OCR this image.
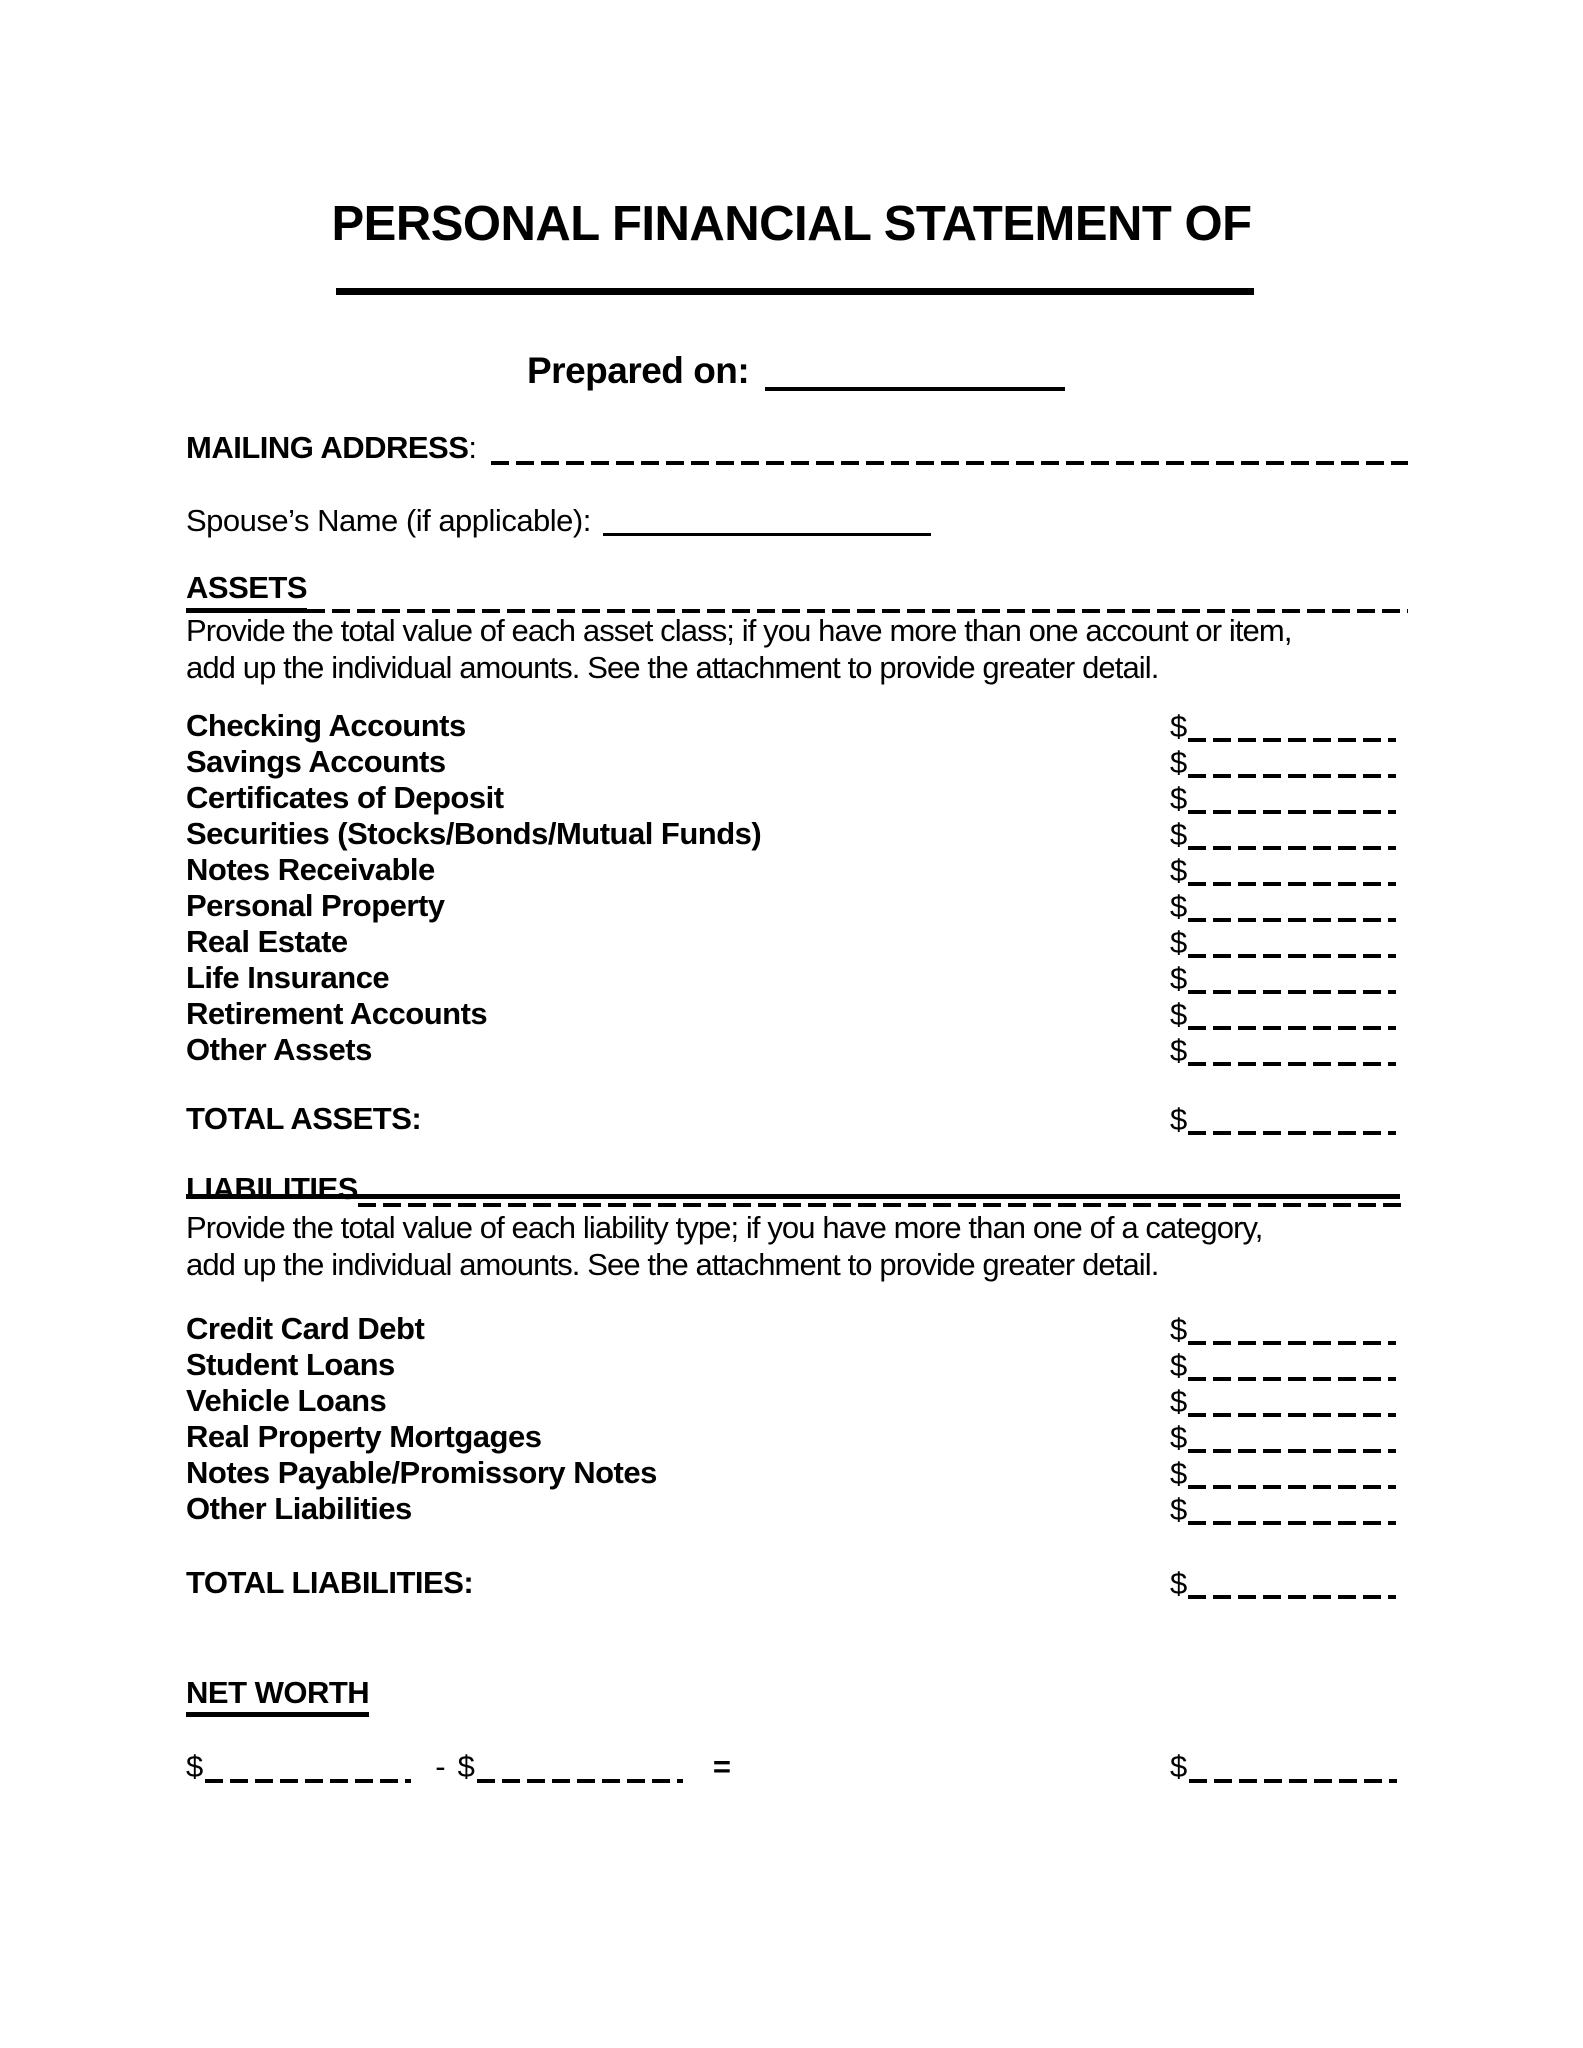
PERSONAL FINANCIAL STATEMENT OF
Prepared on:
MAILING ADDRESS :
Spouse’s Name (if applicable):
ASSETS
Provide the total value of each asset class; if you have more than one account or item,
add up the individual amounts. See the attachment to provide greater detail.
Checking Accounts	$
Savings Accounts	$
Certificates of Deposit	$
Securities (Stocks/Bonds/Mutual Funds)	$
Notes Receivable	$
Personal Property	$
Real Estate	$
Life Insurance	$
Retirement Accounts	$
Other Assets	$
TOTAL ASSETS:	$
LIABILITIES
Provide the total value of each liability type; if you have more than one of a category,
add up the individual amounts. See the attachment to provide greater detail.
Credit Card Debt	$
Student Loans	$
Vehicle Loans	$
Real Property Mortgages	$
Notes Payable/Promissory Notes	$
Other Liabilities	$
TOTAL LIABILITIES:	$
NET WORTH
$	- $	=	$
